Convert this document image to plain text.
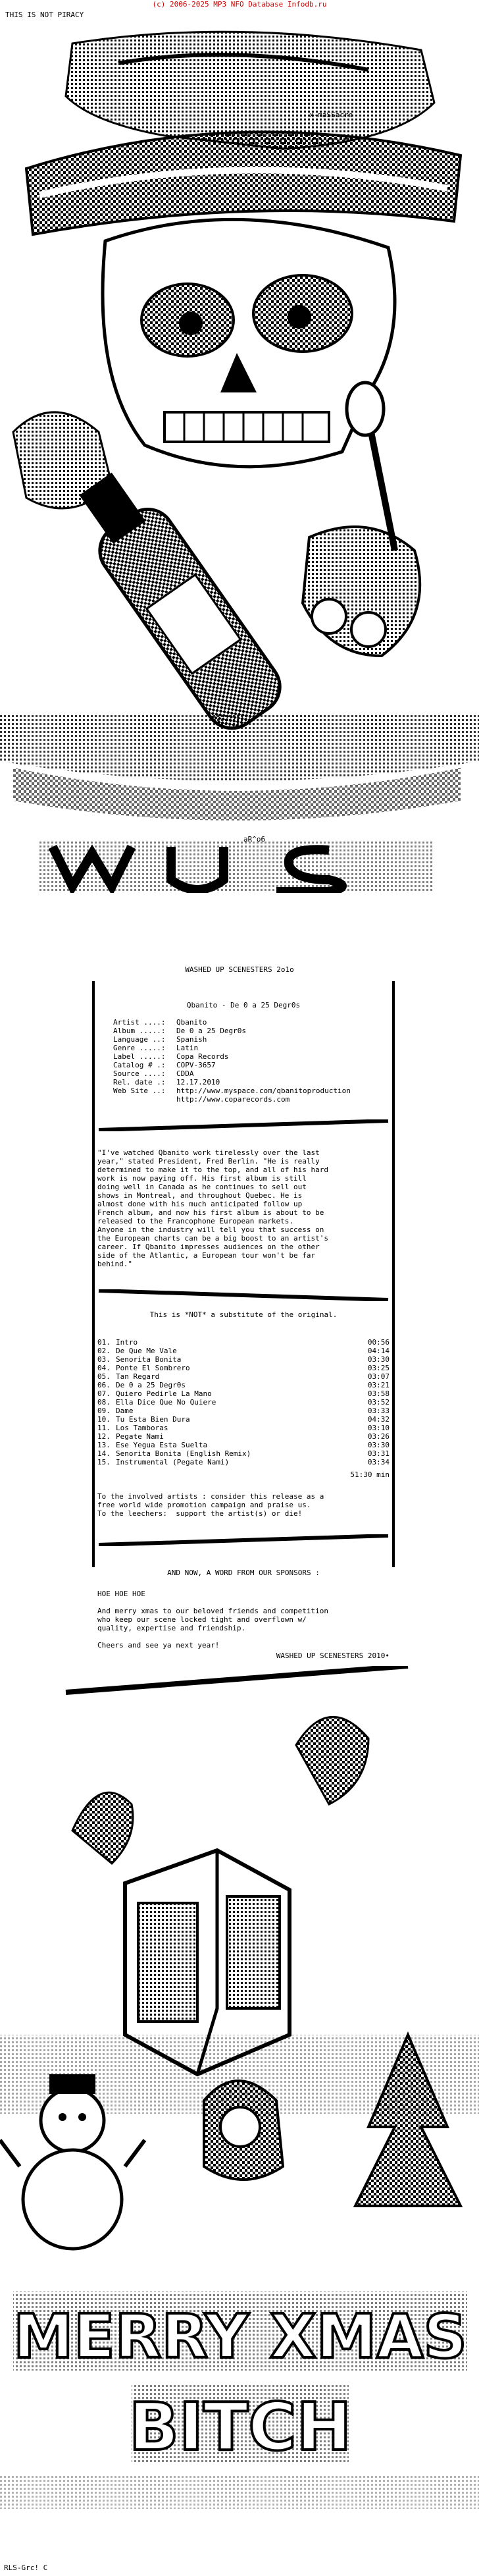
(c) 2006-2025 MP3 NFO Database Infodb.ru
THIS IS NOT PIRACY
x-maSSacre
aR^o6
WASHED UP SCENESTERS 2o1o
Qbanito - De 0 a 25 Degr0s
Artist ....:	Qbanito
Album .....:	De 0 a 25 Degr0s
Language ..:	Spanish
Genre .....:	Latin
Label .....:	Copa Records
Catalog # .:	COPV-3657
Source ....:	CDDA
Rel. date .:	12.17.2010
Web Site ..:	http://www.myspace.com/qbanitoproduction
http://www.coparecords.com
"I've watched Qbanito work tirelessly over the last
year," stated President, Fred Berlin. "He is really
determined to make it to the top, and all of his hard
work is now paying off. His first album is still
doing well in Canada as he continues to sell out
shows in Montreal, and throughout Quebec. He is
almost done with his much anticipated follow up
French album, and now his first album is about to be
released to the Francophone European markets.
Anyone in the industry will tell you that success on
the European charts can be a big boost to an artist's
career. If Qbanito impresses audiences on the other
side of the Atlantic, a European tour won't be far
behind."
This is *NOT* a substitute of the original.
01. Intro	00:56
02. De Que Me Vale	04:14
03. Senorita Bonita	03:30
04. Ponte El Sombrero	03:25
05. Tan Regard	03:07
06. De 0 a 25 Degr0s	03:21
07. Quiero Pedirle La Mano	03:58
08. Ella Dice Que No Quiere	03:52
09. Dame	03:33
10. Tu Esta Bien Dura	04:32
11. Los Tamboras	03:10
12. Pegate Nami	03:26
13. Ese Yegua Esta Suelta	03:30
14. Senorita Bonita (English Remix)	03:31
15. Instrumental (Pegate Nami)	03:34
51:30 min
To the involved artists : consider this release as a
free world wide promotion campaign and praise us.
To the leechers:  support the artist(s) or die!
AND NOW, A WORD FROM OUR SPONSORS :
HOE HOE HOE
And merry xmas to our beloved friends and competition
who keep our scene locked tight and overflown w/
quality, expertise and friendship.
Cheers and see ya next year!
WASHED UP SCENESTERS 2010•
MERRY XMAS
BITCH
RLS-Grc! C
